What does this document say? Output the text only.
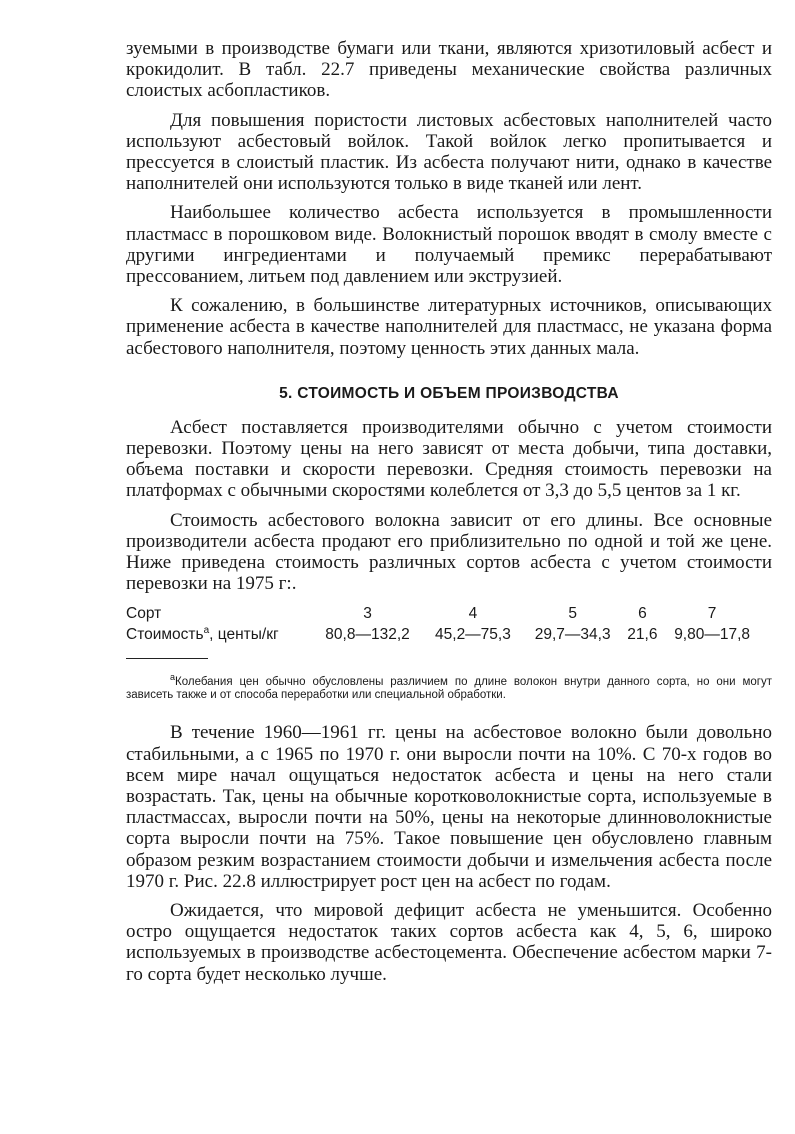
зуемыми в производстве бумаги или ткани, являются хризотиловый асбест и крокидолит. В табл. 22.7 приведены механические свойства различных слоистых асбопластиков.

Для повышения пористости листовых асбестовых наполнителей часто используют асбестовый войлок. Такой войлок легко пропитывается и прессуется в слоистый пластик. Из асбеста получают нити, однако в качестве наполнителей они используются только в виде тканей или лент.

Наибольшее количество асбеста используется в промышленности пластмасс в порошковом виде. Волокнистый порошок вводят в смолу вместе с другими ингредиентами и получаемый премикс перерабатывают прессованием, литьем под давлением или экструзией.

К сожалению, в большинстве литературных источников, описывающих применение асбеста в качестве наполнителей для пластмасс, не указана форма асбестового наполнителя, поэтому ценность этих данных мала.

5. СТОИМОСТЬ И ОБЪЕМ ПРОИЗВОДСТВА

Асбест поставляется производителями обычно с учетом стоимости перевозки. Поэтому цены на него зависят от места добычи, типа доставки, объема поставки и скорости перевозки. Средняя стоимость перевозки на платформах с обычными скоростями колеблется от 3,3 до 5,5 центов за 1 кг.

Стоимость асбестового волокна зависит от его длины. Все основные производители асбеста продают его приблизительно по одной и той же цене. Ниже приведена стоимость различных сортов асбеста с учетом стоимости перевозки на 1975 г:.

Сорт	3	4	5	6	7
Стоимость$^а$, центы/кг	80,8—132,2	45,2—75,3	29,7—34,3	21,6	9,80—17,8
$^а$Колебания цен обычно обусловлены различием по длине волокон внутри данного сорта, но они могут зависеть также и от способа переработки или специальной обработки.

В течение 1960—1961 гг. цены на асбестовое волокно были довольно стабильными, а с 1965 по 1970 г. они выросли почти на 10%. С 70-х годов во всем мире начал ощущаться недостаток асбеста и цены на него стали возрастать. Так, цены на обычные коротковолокнистые сорта, используемые в пластмассах, выросли почти на 50%, цены на некоторые длинноволокнистые сорта выросли почти на 75%. Такое повышение цен обусловлено главным образом резким возрастанием стоимости добычи и измельчения асбеста после 1970 г. Рис. 22.8 иллюстрирует рост цен на асбест по годам.

Ожидается, что мировой дефицит асбеста не уменьшится. Особенно остро ощущается недостаток таких сортов асбеста как 4, 5, 6, широко используемых в производстве асбестоцемента. Обеспечение асбестом марки 7-го сорта будет несколько лучше.
